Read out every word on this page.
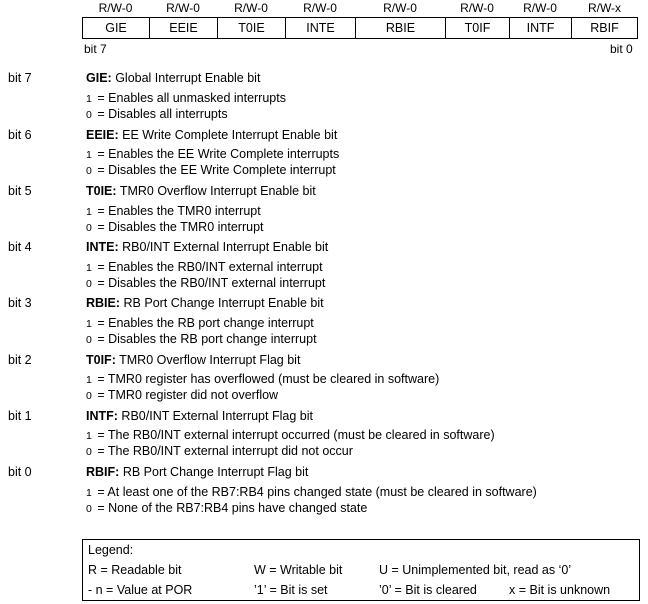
R/W-0	R/W-0	R/W-0	R/W-0	R/W-0	R/W-0	R/W-0	R/W-x
GIE	EEIE	T0IE	INTE	RBIE	T0IF	INTF	RBIF
bit 7	bit 0
bit 7	GIE: Global Interrupt Enable bit
1 = Enables all unmasked interrupts
0 = Disables all interrupts
bit 6	EEIE: EE Write Complete Interrupt Enable bit
1 = Enables the EE Write Complete interrupts
0 = Disables the EE Write Complete interrupt
bit 5	T0IE: TMR0 Overflow Interrupt Enable bit
1 = Enables the TMR0 interrupt
0 = Disables the TMR0 interrupt
bit 4	INTE: RB0/INT External Interrupt Enable bit
1 = Enables the RB0/INT external interrupt
0 = Disables the RB0/INT external interrupt
bit 3	RBIE: RB Port Change Interrupt Enable bit
1 = Enables the RB port change interrupt
0 = Disables the RB port change interrupt
bit 2	T0IF: TMR0 Overflow Interrupt Flag bit
1 = TMR0 register has overflowed (must be cleared in software)
0 = TMR0 register did not overflow
bit 1	INTF: RB0/INT External Interrupt Flag bit
1 = The RB0/INT external interrupt occurred (must be cleared in software)
0 = The RB0/INT external interrupt did not occur
bit 0	RBIF: RB Port Change Interrupt Flag bit
1 = At least one of the RB7:RB4 pins changed state (must be cleared in software)
0 = None of the RB7:RB4 pins have changed state
Legend:
R = Readable bit	W = Writable bit	U = Unimplemented bit, read as ‘0’
- n = Value at POR	’1’ = Bit is set	’0’ = Bit is cleared	x = Bit is unknown
